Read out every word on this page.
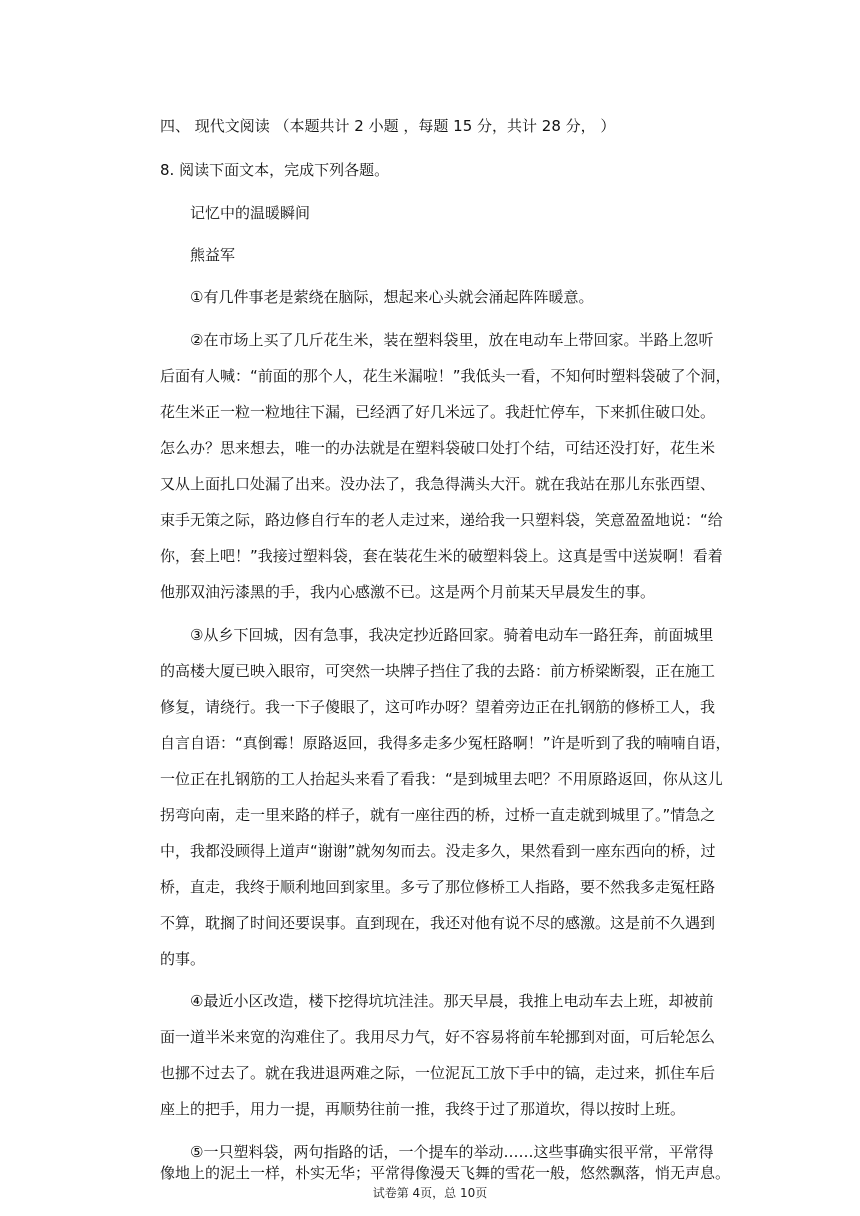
四、 现代文阅读 （本题共计 2 小题 ，每题 15 分，共计 28 分， ）
8. 阅读下面文本，完成下列各题。
记忆中的温暖瞬间
熊益军
①有几件事老是萦绕在脑际，想起来心头就会涌起阵阵暖意。
②在市场上买了几斤花生米，装在塑料袋里，放在电动车上带回家。半路上忽听
后面有人喊：“前面的那个人，花生米漏啦！”我低头一看，不知何时塑料袋破了个洞，
花生米正一粒一粒地往下漏，已经洒了好几米远了。我赶忙停车，下来抓住破口处。
怎么办？思来想去，唯一的办法就是在塑料袋破口处打个结，可结还没打好，花生米
又从上面扎口处漏了出来。没办法了，我急得满头大汗。就在我站在那儿东张西望、
束手无策之际，路边修自行车的老人走过来，递给我一只塑料袋，笑意盈盈地说：“给
你，套上吧！”我接过塑料袋，套在装花生米的破塑料袋上。这真是雪中送炭啊！看着
他那双油污漆黑的手，我内心感激不已。这是两个月前某天早晨发生的事。
③从乡下回城，因有急事，我决定抄近路回家。骑着电动车一路狂奔，前面城里
的高楼大厦已映入眼帘，可突然一块牌子挡住了我的去路：前方桥梁断裂，正在施工
修复，请绕行。我一下子傻眼了，这可咋办呀？望着旁边正在扎钢筋的修桥工人，我
自言自语：“真倒霉！原路返回，我得多走多少冤枉路啊！”许是听到了我的喃喃自语，
一位正在扎钢筋的工人抬起头来看了看我：“是到城里去吧？不用原路返回，你从这儿
拐弯向南，走一里来路的样子，就有一座往西的桥，过桥一直走就到城里了。”情急之
中，我都没顾得上道声“谢谢”就匆匆而去。没走多久，果然看到一座东西向的桥，过
桥，直走，我终于顺利地回到家里。多亏了那位修桥工人指路，要不然我多走冤枉路
不算，耽搁了时间还要误事。直到现在，我还对他有说不尽的感激。这是前不久遇到
的事。
④最近小区改造，楼下挖得坑坑洼洼。那天早晨，我推上电动车去上班，却被前
面一道半米来宽的沟难住了。我用尽力气，好不容易将前车轮挪到对面，可后轮怎么
也挪不过去了。就在我进退两难之际，一位泥瓦工放下手中的镐，走过来，抓住车后
座上的把手，用力一提，再顺势往前一推，我终于过了那道坎，得以按时上班。
⑤一只塑料袋，两句指路的话，一个提车的举动……这些事确实很平常，平常得
像地上的泥土一样，朴实无华；平常得像漫天飞舞的雪花一般，悠然飘落，悄无声息。
试卷第 4页，总 10页
